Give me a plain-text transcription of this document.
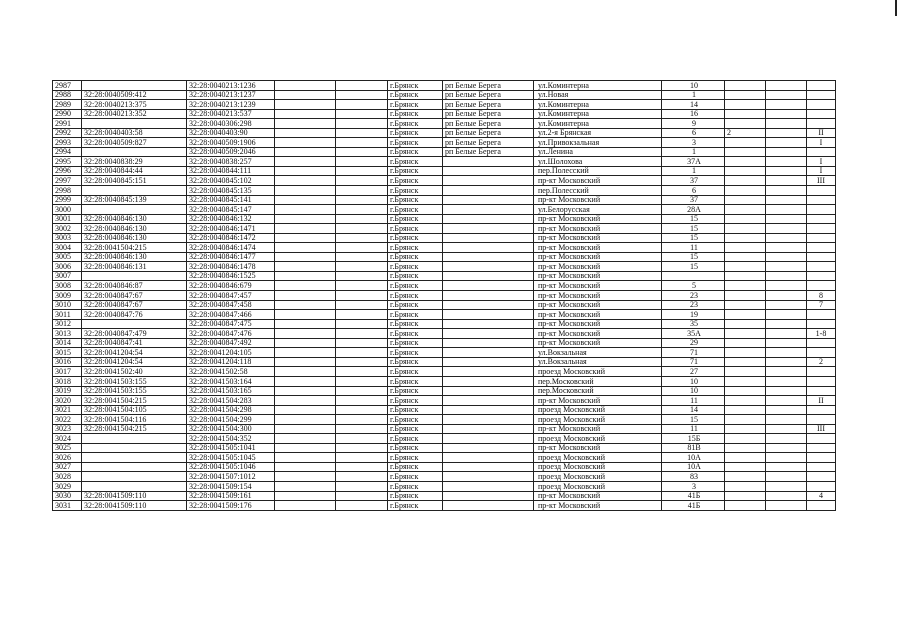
2987		32:28:0040213:1236			г.Брянск	рп Белые Берега	ул.Коминтерна	10			
2988	32:28:0040509:412	32:28:0040213:1237			г.Брянск	рп Белые Берега	ул.Новая	1			
2989	32:28:0040213:375	32:28:0040213:1239			г.Брянск	рп Белые Берега	ул.Коминтерна	14			
2990	32:28:0040213:352	32:28:0040213:537			г.Брянск	рп Белые Берега	ул.Коминтерна	16			
2991		32:28:0040306:298			г.Брянск	рп Белые Берега	ул.Коминтерна	9			
2992	32:28:0040403:58	32:28:0040403:90			г.Брянск	рп Белые Берега	ул.2-я Брянская	6	2		II
2993	32:28:0040509:827	32:28:0040509:1906			г.Брянск	рп Белые Берега	ул.Привокзальная	3			I
2994		32:28:0040509:2046			г.Брянск	рп Белые Берега	ул.Ленина	1			
2995	32:28:0040838:29	32:28:0040838:257			г.Брянск		ул.Шолохова	37А			I
2996	32:28:0040844:44	32:28:0040844:111			г.Брянск		пер.Полесский	1			I
2997	32:28:0040845:151	32:28:0040845:102			г.Брянск		пр-кт Московский	37			III
2998		32:28:0040845:135			г.Брянск		пер.Полесский	6			
2999	32:28:0040845:139	32:28:0040845:141			г.Брянск		пр-кт Московский	37			
3000		32:28:0040845:147			г.Брянск		ул.Белорусская	28А			
3001	32:28:0040846:130	32:28:0040846:132			г.Брянск		пр-кт Московский	15			
3002	32:28:0040846:130	32:28:0040846:1471			г.Брянск		пр-кт Московский	15			
3003	32:28:0040846:130	32:28:0040846:1472			г.Брянск		пр-кт Московский	15			
3004	32:28:0041504:215	32:28:0040846:1474			г.Брянск		пр-кт Московский	11			
3005	32:28:0040846:130	32:28:0040846:1477			г.Брянск		пр-кт Московский	15			
3006	32:28:0040846:131	32:28:0040846:1478			г.Брянск		пр-кт Московский	15			
3007		32:28:0040846:1525			г.Брянск		пр-кт Московский				
3008	32:28:0040846:87	32:28:0040846:679			г.Брянск		пр-кт Московский	5			
3009	32:28:0040847:67	32:28:0040847:457			г.Брянск		пр-кт Московский	23			8
3010	32:28:0040847:67	32:28:0040847:458			г.Брянск		пр-кт Московский	23			7
3011	32:28:0040847:76	32:28:0040847:466			г.Брянск		пр-кт Московский	19			
3012		32:28:0040847:475			г.Брянск		пр-кт Московский	35			
3013	32:28:0040847:479	32:28:0040847:476			г.Брянск		пр-кт Московский	35А			1-8
3014	32:28:0040847:41	32:28:0040847:492			г.Брянск		пр-кт Московский	29			
3015	32:28:0041204:54	32:28:0041204:105			г.Брянск		ул.Вокзальная	71			
3016	32:28:0041204:54	32:28:0041204:118			г.Брянск		ул.Вокзальная	71			2
3017	32:28:0041502:40	32:28:0041502:58			г.Брянск		проезд Московский	27			
3018	32:28:0041503:155	32:28:0041503:164			г.Брянск		пер.Московский	10			
3019	32:28:0041503:155	32:28:0041503:165			г.Брянск		пер.Московский	10			
3020	32:28:0041504:215	32:28:0041504:283			г.Брянск		пр-кт Московский	11			II
3021	32:28:0041504:105	32:28:0041504:298			г.Брянск		проезд Московский	14			
3022	32:28:0041504:116	32:28:0041504:299			г.Брянск		проезд Московский	15			
3023	32:28:0041504:215	32:28:0041504:300			г.Брянск		пр-кт Московский	11			III
3024		32:28:0041504:352			г.Брянск		проезд Московский	15Б			
3025		32:28:0041505:1041			г.Брянск		пр-кт Московский	81В			
3026		32:28:0041505:1045			г.Брянск		проезд Московский	10А			
3027		32:28:0041505:1046			г.Брянск		проезд Московский	10А			
3028		32:28:0041507:1012			г.Брянск		проезд Московский	83			
3029		32:28:0041509:154			г.Брянск		проезд Московский	3			
3030	32:28:0041509:110	32:28:0041509:161			г.Брянск		пр-кт Московский	41Б			4
3031	32:28:0041509:110	32:28:0041509:176			г.Брянск		пр-кт Московский	41Б			
